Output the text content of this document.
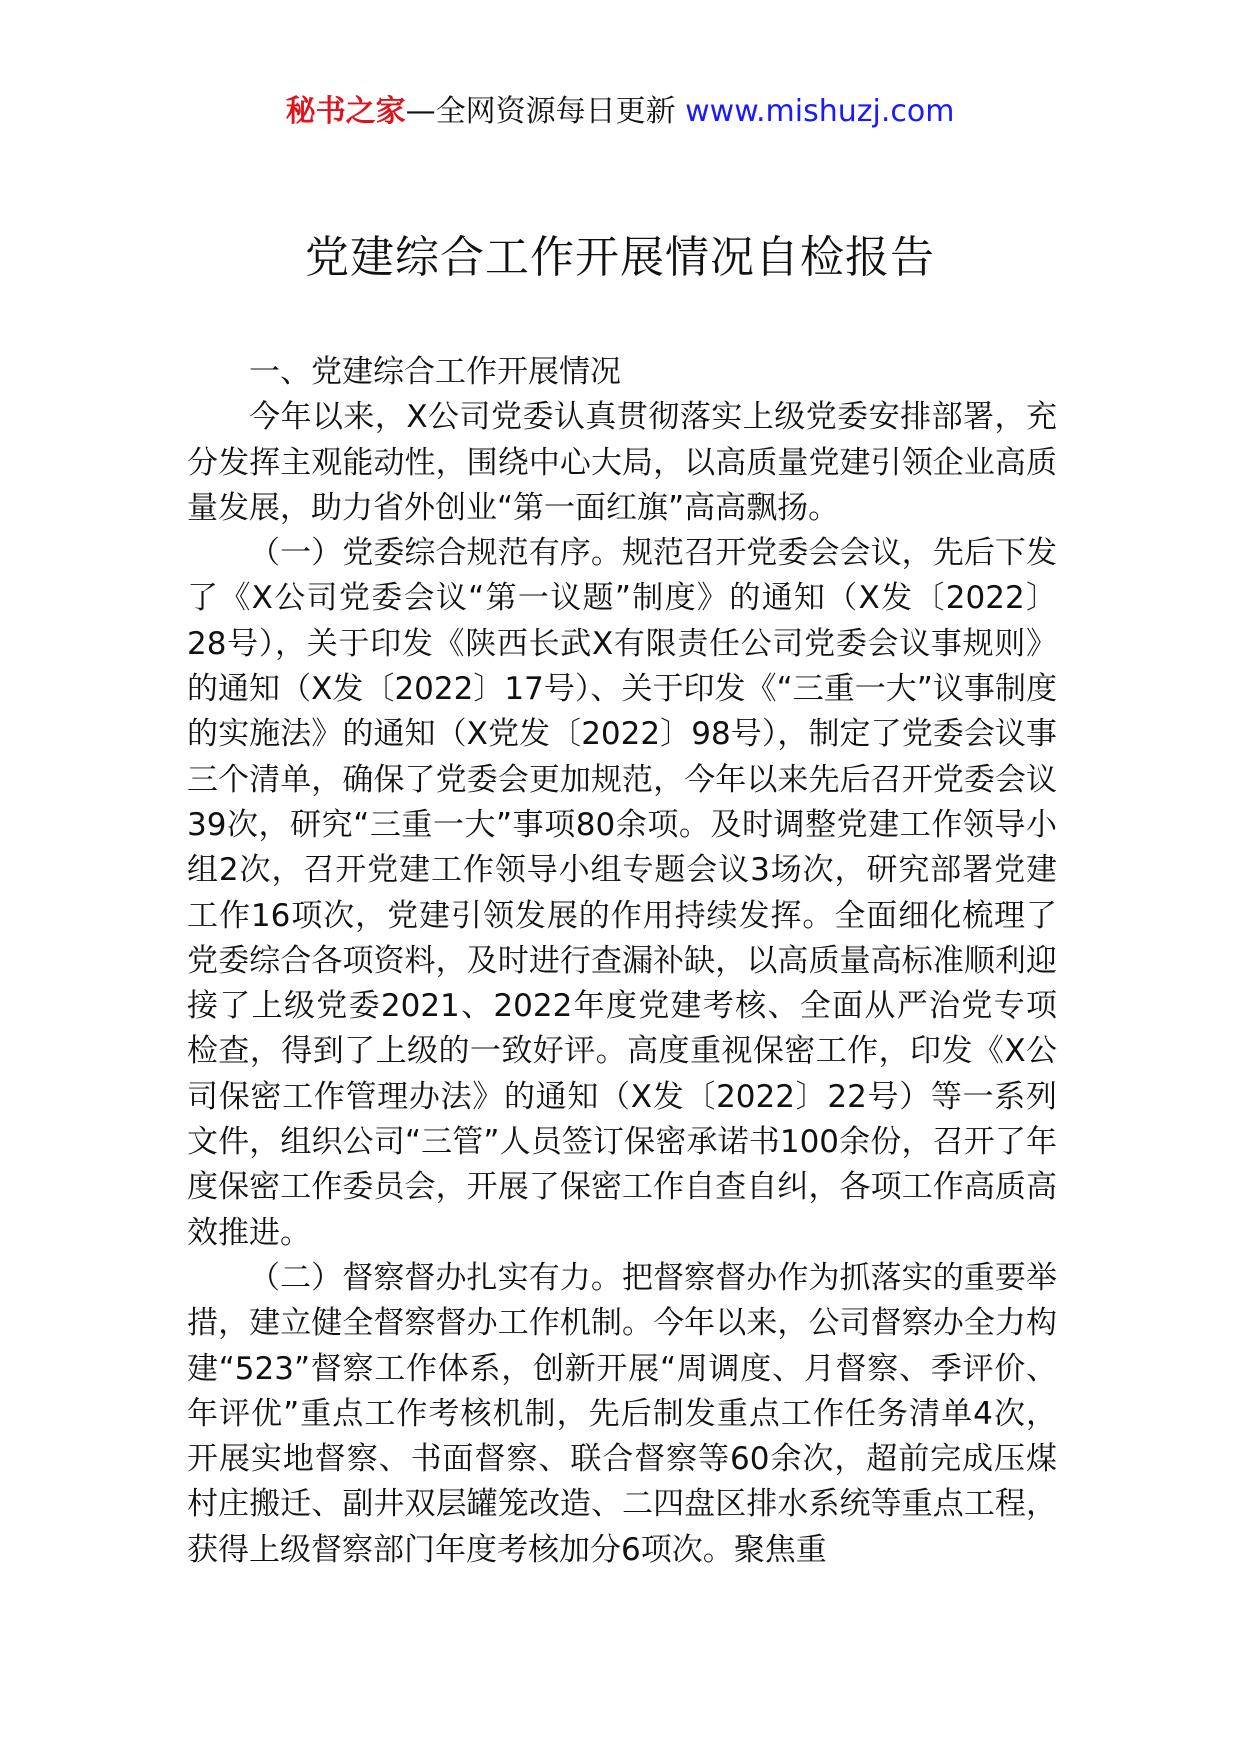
秘书之家—全网资源每日更新 www.mishuzj.com
党建综合工作开展情况自检报告

一、党建综合工作开展情况

今年以来，X公司党委认真贯彻落实上级党委安排部署，充分发挥主观能动性，围绕中心大局，以高质量党建引领企业高质量发展，助力省外创业“第一面红旗”高高飘扬。

（一）党委综合规范有序。规范召开党委会会议，先后下发了《X公司党委会议“第一议题”制度》的通知（X发〔2022〕28号），关于印发《陕西长武X有限责任公司党委会议事规则》的通知（X发〔2022〕17号）、关于印发《“三重一大”议事制度的实施法》的通知（X党发〔2022〕98号），制定了党委会议事三个清单，确保了党委会更加规范，今年以来先后召开党委会议39次，研究“三重一大”事项80余项。及时调整党建工作领导小组2次，召开党建工作领导小组专题会议3场次，研究部署党建工作16项次，党建引领发展的作用持续发挥。全面细化梳理了党委综合各项资料，及时进行查漏补缺，以高质量高标准顺利迎接了上级党委2021、2022年度党建考核、全面从严治党专项检查，得到了上级的一致好评。高度重视保密工作，印发《X公司保密工作管理办法》的通知（X发〔2022〕22号）等一系列文件，组织公司“三管”人员签订保密承诺书100余份，召开了年度保密工作委员会，开展了保密工作自查自纠，各项工作高质高效推进。

（二）督察督办扎实有力。把督察督办作为抓落实的重要举措，建立健全督察督办工作机制。今年以来，公司督察办全力构建“523”督察工作体系，创新开展“周调度、月督察、季评价、年评优”重点工作考核机制，先后制发重点工作任务清单4次，开展实地督察、书面督察、联合督察等60余次，超前完成压煤村庄搬迁、副井双层罐笼改造、二四盘区排水系统等重点工程，获得上级督察部门年度考核加分6项次。聚焦重
